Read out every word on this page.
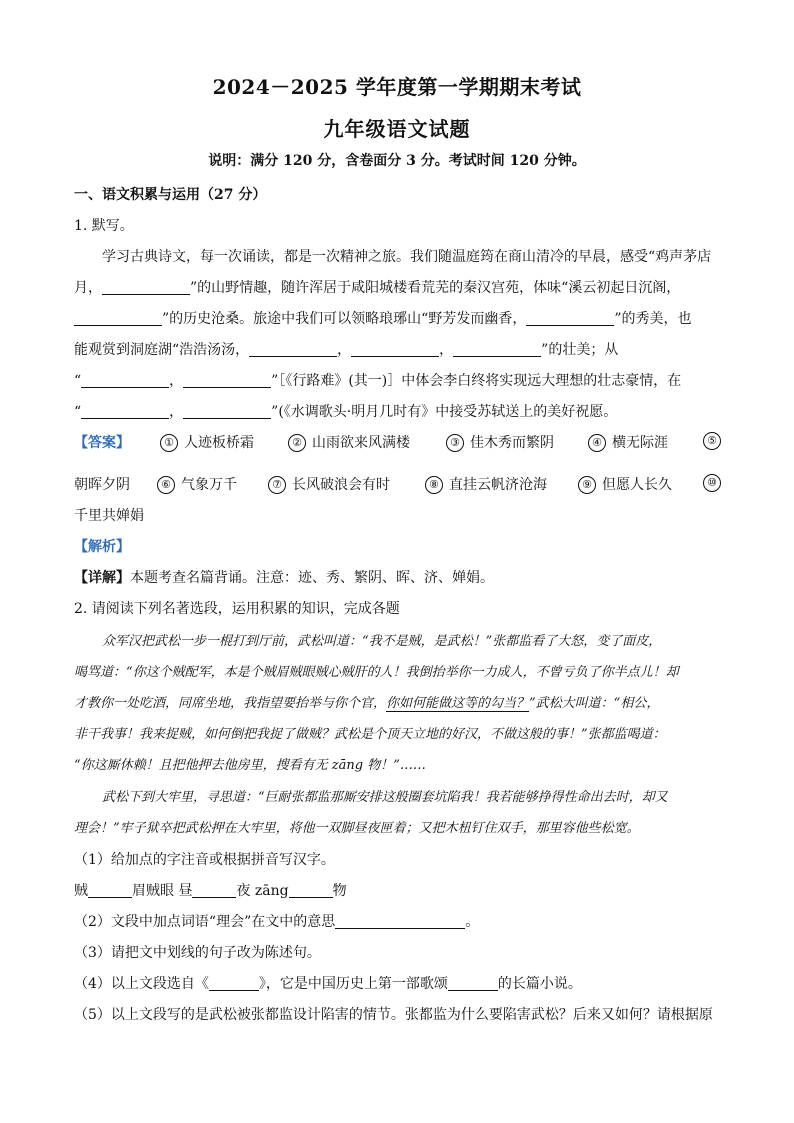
2024－2025 学年度第一学期期末考试
九年级语文试题
说明：满分 120 分，含卷面分 3 分。考试时间 120 分钟。
一、语文积累与运用（27 分）
1. 默写。
学习古典诗文，每一次诵读，都是一次精神之旅。我们随温庭筠在商山清冷的早晨，感受“鸡声茅店
月，	”的山野情趣，随许浑居于咸阳城楼看荒芜的秦汉宫苑，体味“溪云初起日沉阁，
”的历史沧桑。旅途中我们可以领略琅琊山“野芳发而幽香，	”的秀美，也
能观赏到洞庭湖“浩浩汤汤，	，	，	”的壮美；从
“	，	”［《行路难》(其一)］中体会李白终将实现远大理想的壮志豪情，在
“	，	”(《水调歌头·明月几时有》中接受苏轼送上的美好祝愿。
【答案】	① 人迹板桥霜	② 山雨欲来风满楼	③ 佳木秀而繁阴	④ 横无际涯	⑤
朝晖夕阴	⑥ 气象万千	⑦ 长风破浪会有时	⑧ 直挂云帆济沧海	⑨ 但愿人长久	⑩
千里共婵娟
【解析】
【详解】本题考查名篇背诵。注意：迹、秀、繁阴、晖、济、婵娟。
2. 请阅读下列名著选段，运用积累的知识，完成各题
众军汉把武松一步一棍打到厅前，武松叫道：“我不是贼，是武松！”张都监看了大怒，变了面皮，
喝骂道：“你这个贼配军，本是个贼眉贼眼贼心贼肝的人！我倒抬举你一力成人，不曾亏负了你半点儿！却
才教你一处吃酒，同席坐地，我指望要抬举与你个官，你如何能做这等的勾当？”武松大叫道：“相公，
非干我事！我来捉贼，如何倒把我捉了做贼？武松是个顶天立地的好汉，不做这般的事！”张都监喝道：
“你这厮休赖！且把他押去他房里，搜看有无 zāng 物！”……
武松下到大牢里，寻思道：“巨耐张都监那厮安排这般圈套坑陷我！我若能够挣得性命出去时，却又
理会！”牢子狱卒把武松押在大牢里，将他一双脚昼夜匣着；又把木杻钉住双手，那里容他些松宽。
（1）给加点的字注音或根据拼音写汉字。
贼	眉贼眼 昼	夜 zāng	物
（2）文段中加点词语“理会”在文中的意思	。
（3）请把文中划线的句子改为陈述句。
（4）以上文段选自《	》，它是中国历史上第一部歌颂	的长篇小说。
（5）以上文段写的是武松被张都监设计陷害的情节。张都监为什么要陷害武松？后来又如何？请根据原
